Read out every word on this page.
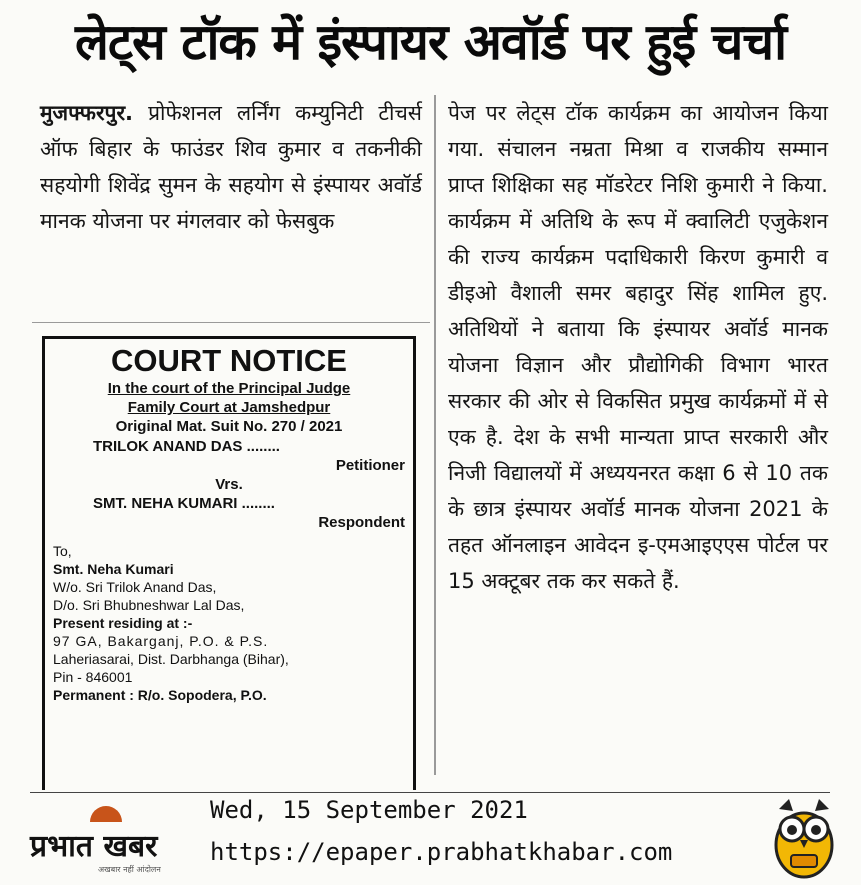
लेट्स टॉक में इंस्पायर अवॉर्ड पर हुई चर्चा

मुजफ्फरपुर. प्रोफेशनल लर्निंग कम्युनिटी टीचर्स ऑफ बिहार के फाउंडर शिव कुमार व तकनीकी सहयोगी शिवेंद्र सुमन के सहयोग से इंस्पायर अवॉर्ड मानक योजना पर मंगलवार को फेसबुक

पेज पर लेट्स टॉक कार्यक्रम का आयोजन किया गया. संचालन नम्रता मिश्रा व राजकीय सम्मान प्राप्त शिक्षिका सह मॉडरेटर निशि कुमारी ने किया. कार्यक्रम में अतिथि के रूप में क्वालिटी एजुकेशन की राज्य कार्यक्रम पदाधिकारी किरण कुमारी व डीइओ वैशाली समर बहादुर सिंह शामिल हुए. अतिथियों ने बताया कि इंस्पायर अवॉर्ड मानक योजना विज्ञान और प्रौद्योगिकी विभाग भारत सरकार की ओर से विकसित प्रमुख कार्यक्रमों में से एक है. देश के सभी मान्यता प्राप्त सरकारी और निजी विद्यालयों में अध्ययनरत कक्षा 6 से 10 तक के छात्र इंस्पायर अवॉर्ड मानक योजना 2021 के तहत ऑनलाइन आवेदन इ-एमआइएएस पोर्टल पर 15 अक्टूबर तक कर सकते हैं.

COURT NOTICE
In the court of the Principal Judge
Family Court at Jamshedpur
Original Mat. Suit No. 270 / 2021
TRILOK ANAND DAS ........
Petitioner
Vrs.
SMT. NEHA KUMARI ........
Respondent
To,
Smt. Neha Kumari
W/o. Sri Trilok Anand Das,
D/o. Sri Bhubneshwar Lal Das,
Present residing at :-
97 GA, Bakarganj, P.O. & P.S.
Laheriasarai, Dist. Darbhanga (Bihar),
Pin - 846001
Permanent : R/o. Sopodera, P.O.
प्रभात खबर
अखबार नहीं आंदोलन
Wed, 15 September 2021
https://epaper.prabhatkhabar.com
